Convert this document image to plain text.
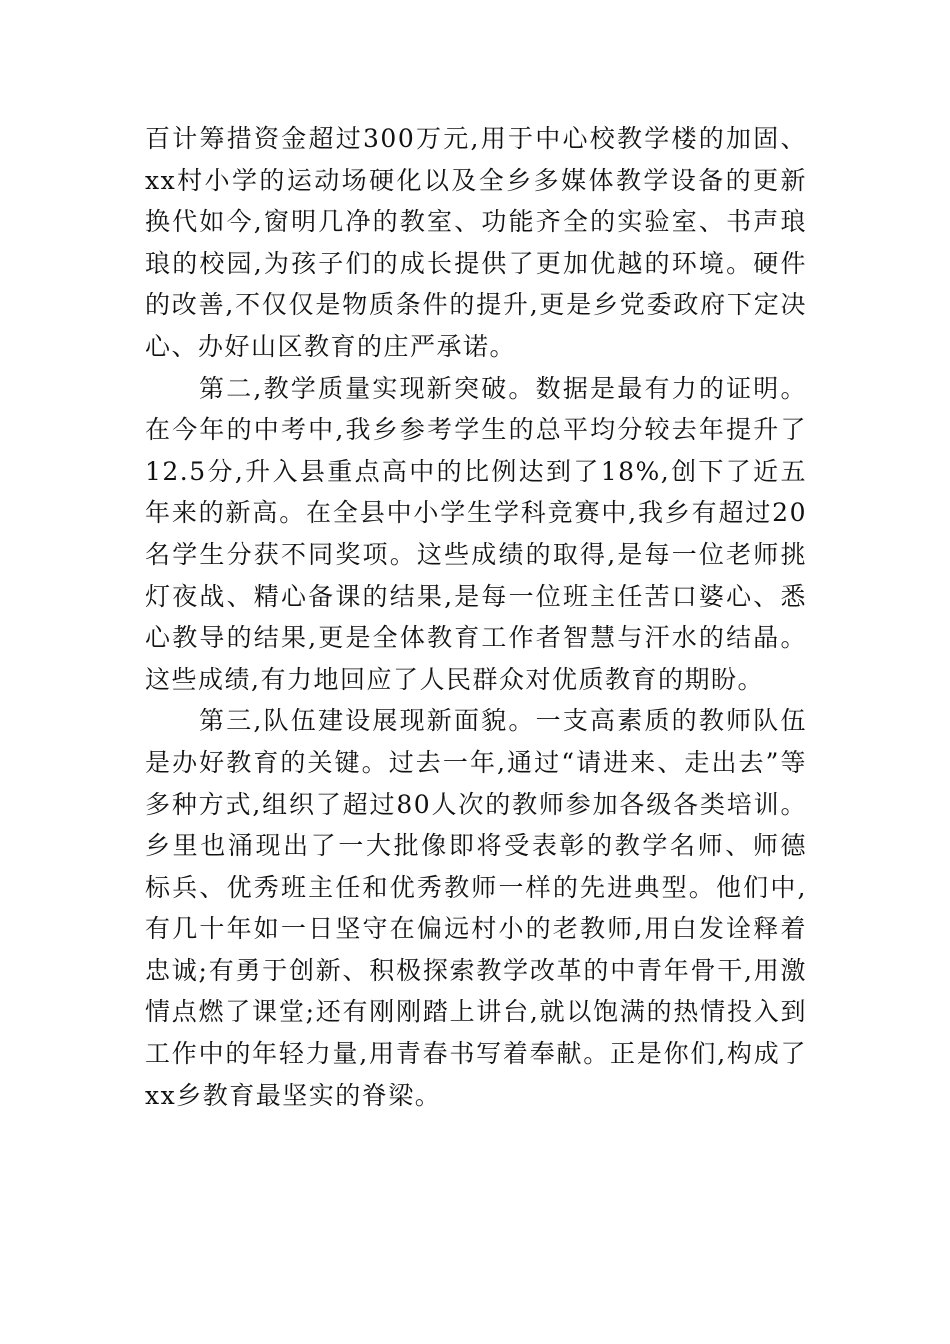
百计筹措资金超过300万元,用于中心校教学楼的加固、xx村小学的运动场硬化以及全乡多媒体教学设备的更新换代如今,窗明几净的教室、功能齐全的实验室、书声琅琅的校园,为孩子们的成长提供了更加优越的环境。硬件的改善,不仅仅是物质条件的提升,更是乡党委政府下定决心、办好山区教育的庄严承诺。

第二,教学质量实现新突破。数据是最有力的证明。在今年的中考中,我乡参考学生的总平均分较去年提升了12.5分,升入县重点高中的比例达到了18%,创下了近五年来的新高。在全县中小学生学科竞赛中,我乡有超过20名学生分获不同奖项。这些成绩的取得,是每一位老师挑灯夜战、精心备课的结果,是每一位班主任苦口婆心、悉心教导的结果,更是全体教育工作者智慧与汗水的结晶。这些成绩,有力地回应了人民群众对优质教育的期盼。

第三,队伍建设展现新面貌。一支高素质的教师队伍是办好教育的关键。过去一年,通过“请进来、走出去”等多种方式,组织了超过80人次的教师参加各级各类培训。乡里也涌现出了一大批像即将受表彰的教学名师、师德标兵、优秀班主任和优秀教师一样的先进典型。他们中,有几十年如一日坚守在偏远村小的老教师,用白发诠释着忠诚;有勇于创新、积极探索教学改革的中青年骨干,用激情点燃了课堂;还有刚刚踏上讲台,就以饱满的热情投入到工作中的年轻力量,用青春书写着奉献。正是你们,构成了xx乡教育最坚实的脊梁。
